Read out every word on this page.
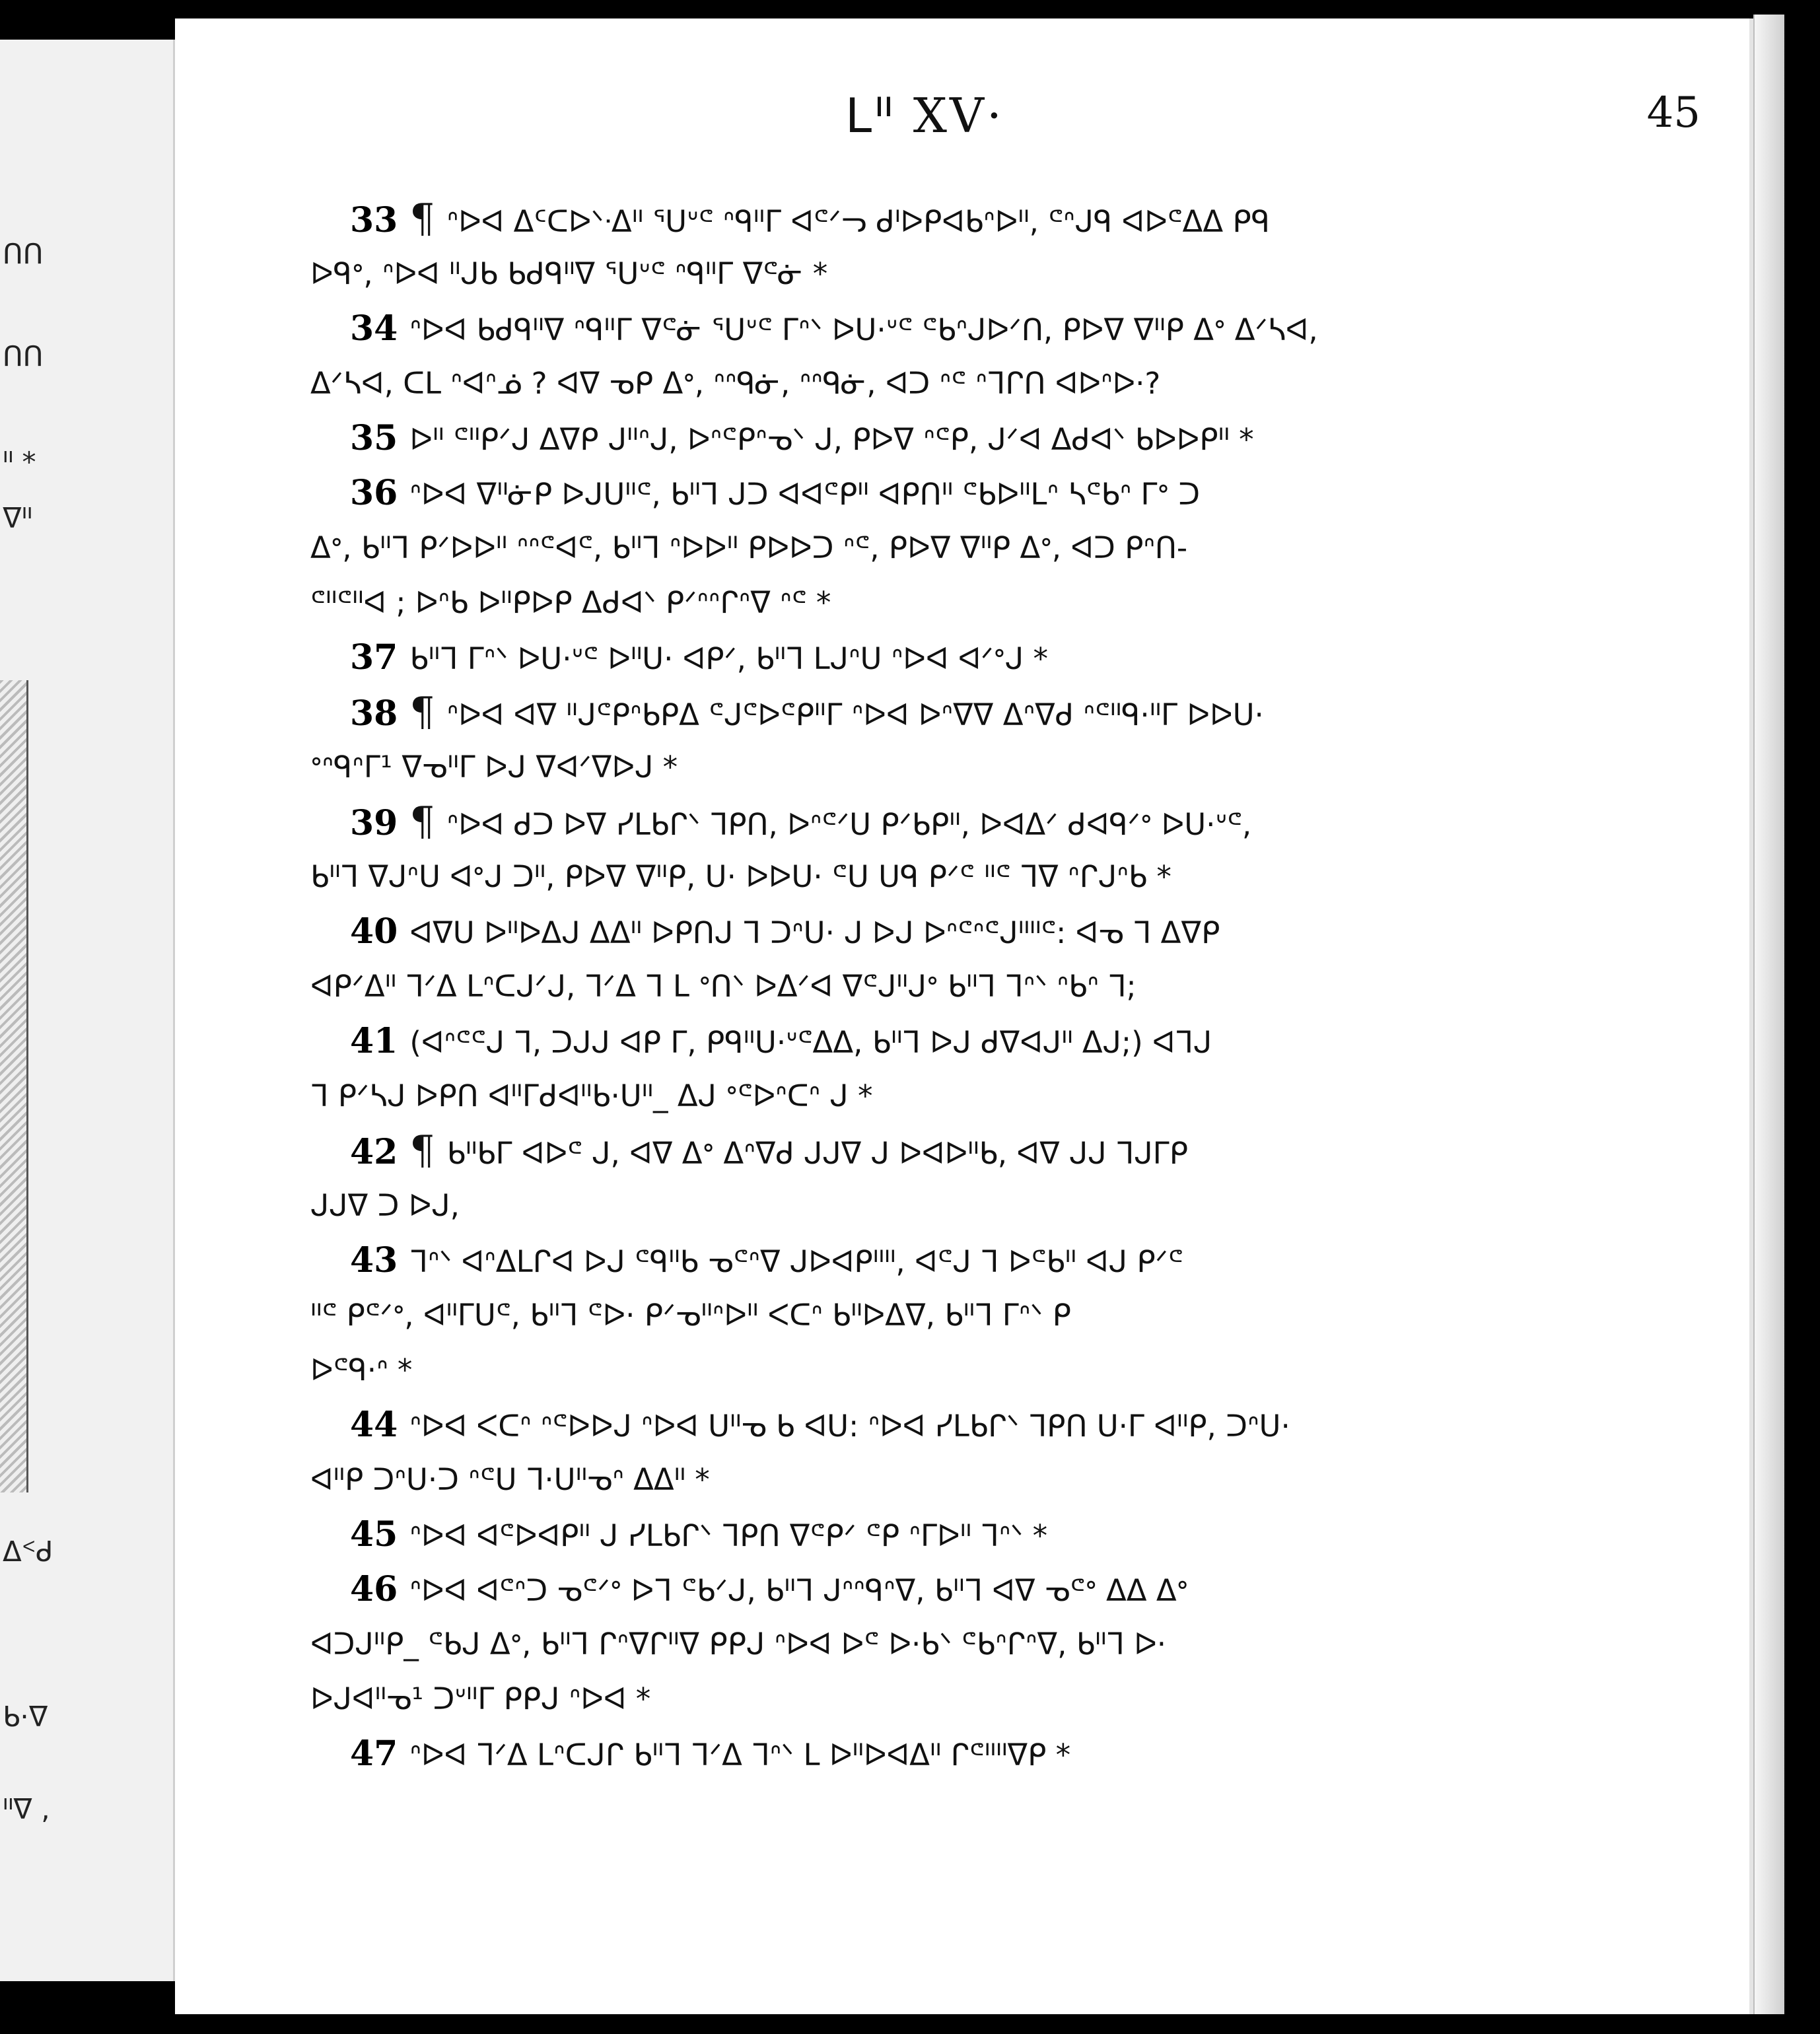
ᑎᑎ
ᑎᑎ
ᐦ *
ᐁᐦ
ᐃᑉᑯ
ᑲ·ᐁ
ᐦᐁ ,
ᒪᐦ XV·	45
33 ¶ ᐢᐅᐊ ᐃᑦᑕᐅᐠᐧᐃᐦ ᕐᑌᐡᕪ ᐢᑫᐦᒥ ᐊᕪᐟᓓ ᑯᑊᐅᑭᐊᑲᐢᐅᐦ, ᕪᐢᒍᑫ ᐊᐅᕪᐃᐃ ᑭᑫ
ᐅᑫᐤ, ᐢᐅᐊ ᐦᒍᑲ ᑲᑯᑫᐦᐁ ᕐᑌᐡᕪ ᐢᑫᐦᒥ ᐁᕪᓃ *
34 ᐢᐅᐊ ᑲᑯᑫᐦᐁ ᐢᑫᐦᒥ ᐁᕪᓃ ᕐᑌᐡᕪ ᒥᐢᐠ ᐅᑌ·ᐡᕪ ᕪᑲᐢᒍᐅᐟᑎ, ᑭᐅᐁ ᐁᐦᑭ ᐃᐤ ᐃᐟᓴᐊ,
ᐃᐟᓴᐊ, ᑕᒪ ᐢᐊᐢᓅ ? ᐊᐁ ᓀᑭ ᐃᐤ, ᐢᐢᑫᓃ, ᐢᐢᑫᓃ, ᐊᑐ ᐢᕪ ᐢᒣᒋᑎ ᐊᐅᐢᐅ·?
35 ᐅᐦ ᕪᐦᑭᐟᒍ ᐃᐁᑭ ᒍᐦᐢᒍ, ᐅᐢᕪᑭᐢᓀᐠ ᒍ, ᑭᐅᐁ ᐢᕪᑭ, ᒍᐟᐊ ᐃᑯᐊᐠ ᑲᐅᐅᑭᐦ *
36 ᐢᐅᐊ ᐁᐦᓃᑭ ᐅᒍᑌᐦᕪ, ᑲᐦᒣ ᒍᑐ ᐊᐊᕪᑭᐦ ᐊᑭᑎᐦ ᕪᑲᐅᐦᒪᐢ ᓴᕪᑲᐢ ᒥᐤ ᑐ
ᐃᐤ, ᑲᐦᒣ ᑭᐟᐅᐅᐦ ᐢᐢᕪᐊᕪ, ᑲᐦᒣ ᐢᐅᐅᐦ ᑭᐅᐅᑐ ᐢᕪ, ᑭᐅᐁ ᐁᐦᑭ ᐃᐤ, ᐊᑐ ᑭᐢᑎ-
ᕪᐦᕪᐦᐊ ; ᐅᐢᑲ ᐅᐦᑭᐅᑭ ᐃᑯᐊᐠ ᑭᐟᐢᐢᒋᐢᐁ ᐢᕪ *
37 ᑲᐦᒣ ᒥᐢᐠ ᐅᑌ·ᐡᕪ ᐅᐦᑌ· ᐊᑭᐟ, ᑲᐦᒣ ᒪᒍᐢᑌ ᐢᐅᐊ ᐊᐟᐤᒍ *
38 ¶ ᐢᐅᐊ ᐊᐁ ᐦᒍᕪᑭᐢᑲᑭᐃ ᕪᒍᕪᐅᕪᑭᐦᒥ ᐢᐅᐊ ᐅᐢᐁᐁ ᐃᐢᐁᑯ ᐢᕪᐦᑫ·ᐦᒥ ᐅᐅᑌ·
ᐤᐢᑫᐢᒥ¹ ᐁᓀᐦᒥ ᐅᒍ ᐁᐊᐟᐁᐅᒍ *
39 ¶ ᐢᐅᐊ ᑯᑐ ᐅᐁ ᓯᒪᑲᒋᐠ ᒣᑭᑎ, ᐅᐢᕪᐟᑌ ᑭᐟᑲᑭᐦ, ᐅᐊᐃᐟ ᑯᐊᑫᐟᐤ ᐅᑌ·ᐡᕪ,
ᑲᐦᒣ ᐁᒍᐢᑌ ᐊᐤᒍ ᑐᐦ, ᑭᐅᐁ ᐁᐦᑭ, ᑌ· ᐅᐅᑌ· ᕪᑌ ᑌᑫ ᑭᐟᕪ ᐦᕪ ᒣᐁ ᐢᒋᒍᐢᑲ *
40 ᐊᐁᑌ ᐅᐦᐅᐃᒍ ᐃᐃᐦ ᐅᑭᑎᒍ ᒣ ᑐᐢᑌ· ᒍ ᐅᒍ ᐅᐢᕪᐢᕪᒍᐦᐦᕪ: ᐊᓀ ᒣ ᐃᐁᑭ
ᐊᑭᐟᐃᐦ ᒣᐟᐃ ᒪᐢᑕᒍᐟᒍ, ᒣᐟᐃ ᒣ ᒪ ᐤᑎᐠ ᐅᐃᐟᐊ ᐁᕪᒍᐦᒍᐤ ᑲᐦᒣ ᒣᐢᐠ ᐢᑲᐢ ᒣ;
41 (ᐊᐢᕪᕪᒍ ᒣ, ᑐᒍᒍ ᐊᑭ ᒥ, ᑭᑫᐦᑌ·ᐡᕪᐃᐃ, ᑲᐦᒣ ᐅᒍ ᑯᐁᐊᒍᐦ ᐃᒍ;) ᐊᒣᒍ
ᒣ ᑭᐟᓴᒍ ᐅᑭᑎ ᐊᐦᒥᑯᐊᐦᑲ·ᑌᐦ_ ᐃᒍ ᐤᕪᐅᐢᑕᐢ ᒍ *
42 ¶ ᑲᐦᑲᒥ ᐊᐅᕪ ᒍ, ᐊᐁ ᐃᐤ ᐃᐢᐁᑯ ᒍᒍᐁ ᒍ ᐅᐊᐅᐦᑲ, ᐊᐁ ᒍᒍ ᒣᒍᒥᑭ
ᒍᒍᐁ ᑐ ᐅᒍ,
43 ᒣᐢᐠ ᐊᐢᐃᒪᒋᐊ ᐅᒍ ᕪᑫᐦᑲ ᓀᕪᐢᐁ ᒍᐅᐊᑭᐦᐦ, ᐊᕪᒍ ᒣ ᐅᕪᑲᐦ ᐊᒍ ᑭᐟᕪ
ᐦᕪ ᑭᕪᐟᐤ, ᐊᐦᒥᑌᕪ, ᑲᐦᒣ ᕪᐅ· ᑭᐟᓀᐦᐢᐅᐦ ᐸᑕᐢ ᑲᐦᐅᐃᐁ, ᑲᐦᒣ ᒥᐢᐠ ᑭ
ᐅᕪᑫ·ᐢ *
44 ᐢᐅᐊ ᐸᑕᐢ ᐢᕪᐅᐅᒍ ᐢᐅᐊ ᑌᐦᓀ ᑲ ᐊᑌ: ᐢᐅᐊ ᓯᒪᑲᒋᐠ ᒣᑭᑎ ᑌ·ᒥ ᐊᐦᑭ, ᑐᐢᑌ·
ᐊᐦᑭ ᑐᐢᑌ·ᑐ ᐢᕪᑌ ᒣ·ᑌᐦᓀᐢ ᐃᐃᐦ *
45 ᐢᐅᐊ ᐊᕪᐅᐊᑭᐦ ᒍ ᓯᒪᑲᒋᐠ ᒣᑭᑎ ᐁᕪᑭᐟ ᕪᑭ ᐢᒥᐅᐦ ᒣᐢᐠ *
46 ᐢᐅᐊ ᐊᕪᐢᑐ ᓀᕪᐟᐤ ᐅᒣ ᕪᑲᐟᒍ, ᑲᐦᒣ ᒍᐢᐢᑫᐢᐁ, ᑲᐦᒣ ᐊᐁ ᓀᕪᐤ ᐃᐃ ᐃᐤ
ᐊᑐᒍᐦᑭ_ ᕪᑲᒍ ᐃᐤ, ᑲᐦᒣ ᒋᐢᐁᒋᐦᐁ ᑭᑭᒍ ᐢᐅᐊ ᐅᕪ ᐅ·ᑲᐠ ᕪᑲᐢᒋᐢᐁ, ᑲᐦᒣ ᐅ·
ᐅᒍᐊᐦᓀ¹ ᑐᐡᐦᒥ ᑭᑭᒍ ᐢᐅᐊ *
47 ᐢᐅᐊ ᒣᐟᐃ ᒪᐢᑕᒍᒋ ᑲᐦᒣ ᒣᐟᐃ ᒣᐢᐠ ᒪ ᐅᐦᐅᐊᐃᐦ ᒋᕪᐦᐦᐁᑭ *
